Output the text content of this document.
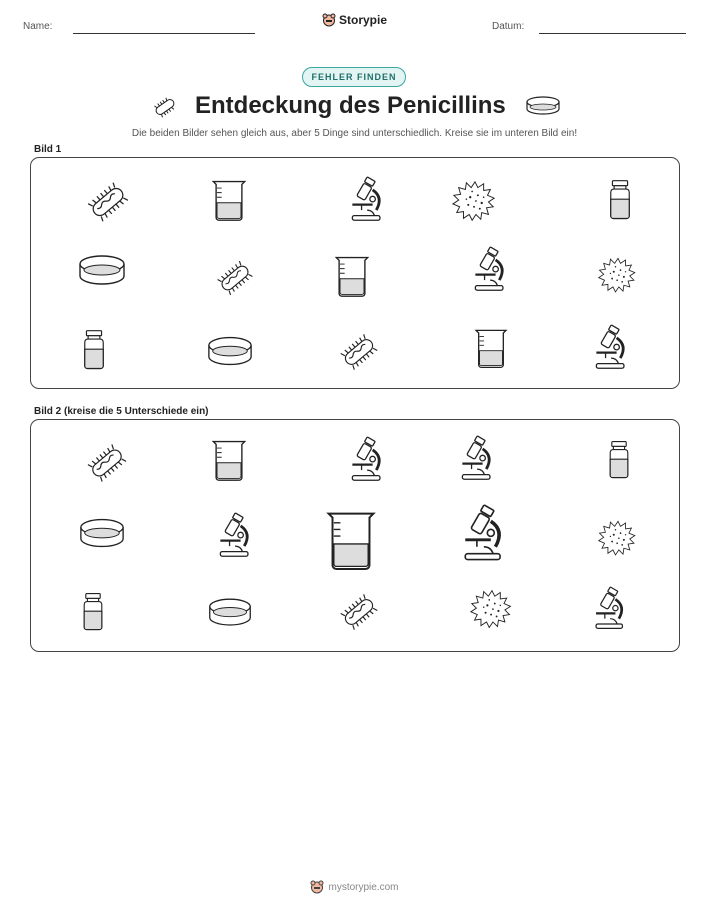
Name:	Storypie	Datum:
FEHLER FINDEN
Entdeckung des Penicillins
Die beiden Bilder sehen gleich aus, aber 5 Dinge sind unterschiedlich. Kreise sie im unteren Bild ein!
Bild 1
Bild 2 (kreise die 5 Unterschiede ein)
mystorypie.com
